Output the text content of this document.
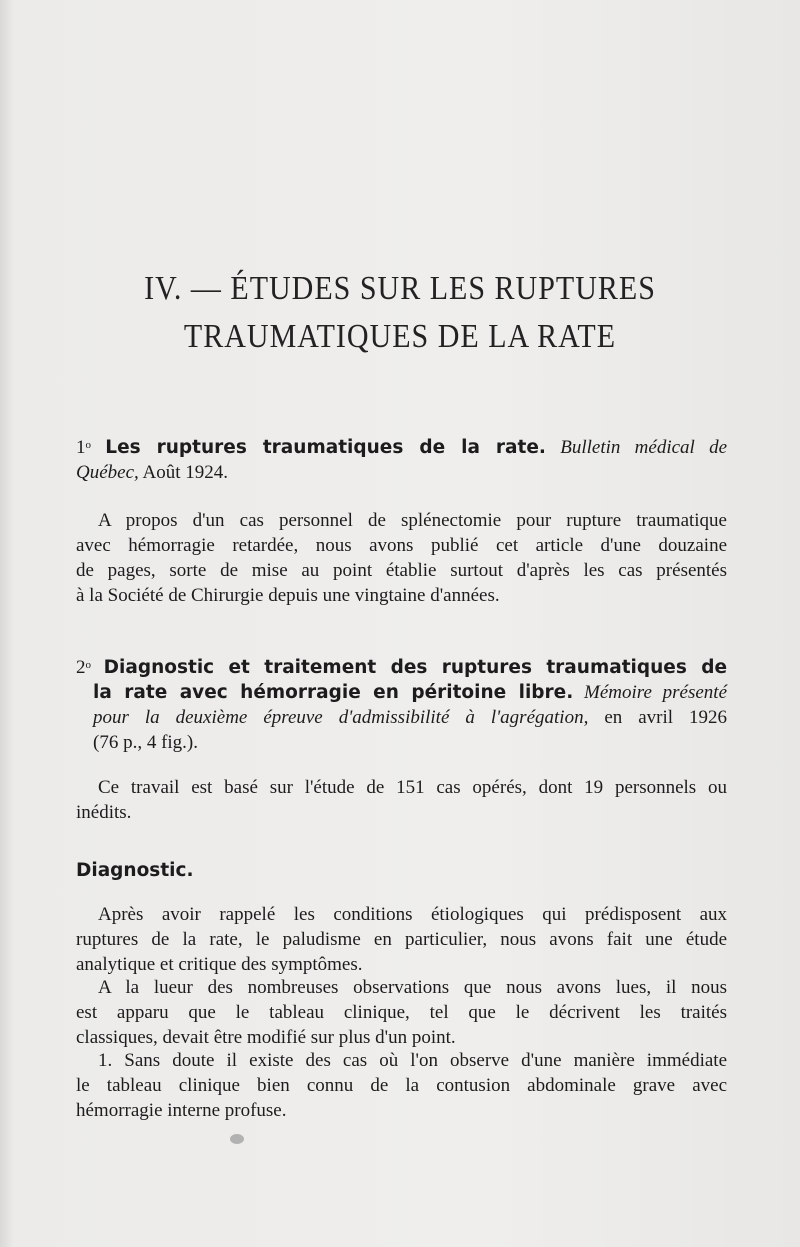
IV. — ÉTUDES SUR LES RUPTURES
TRAUMATIQUES DE LA RATE
1$^o$ Les ruptures traumatiques de la rate. Bulletin médical de
Québec, Août 1924.

A propos d'un cas personnel de splénectomie pour rupture traumatique

avec hémorragie retardée, nous avons publié cet article d'une douzaine

de pages, sorte de mise au point établie surtout d'après les cas présentés

à la Société de Chirurgie depuis une vingtaine d'années.

2$^o$ Diagnostic et traitement des ruptures traumatiques de
la rate avec hémorragie en péritoine libre. Mémoire présenté
pour la deuxième épreuve d'admissibilité à l'agrégation, en avril 1926
(76 p., 4 fig.).

Ce travail est basé sur l'étude de 151 cas opérés, dont 19 personnels ou

inédits.

Diagnostic.

Après avoir rappelé les conditions étiologiques qui prédisposent aux

ruptures de la rate, le paludisme en particulier, nous avons fait une étude

analytique et critique des symptômes.

A la lueur des nombreuses observations que nous avons lues, il nous

est apparu que le tableau clinique, tel que le décrivent les traités

classiques, devait être modifié sur plus d'un point.

1. Sans doute il existe des cas où l'on observe d'une manière immédiate

le tableau clinique bien connu de la contusion abdominale grave avec

hémorragie interne profuse.
